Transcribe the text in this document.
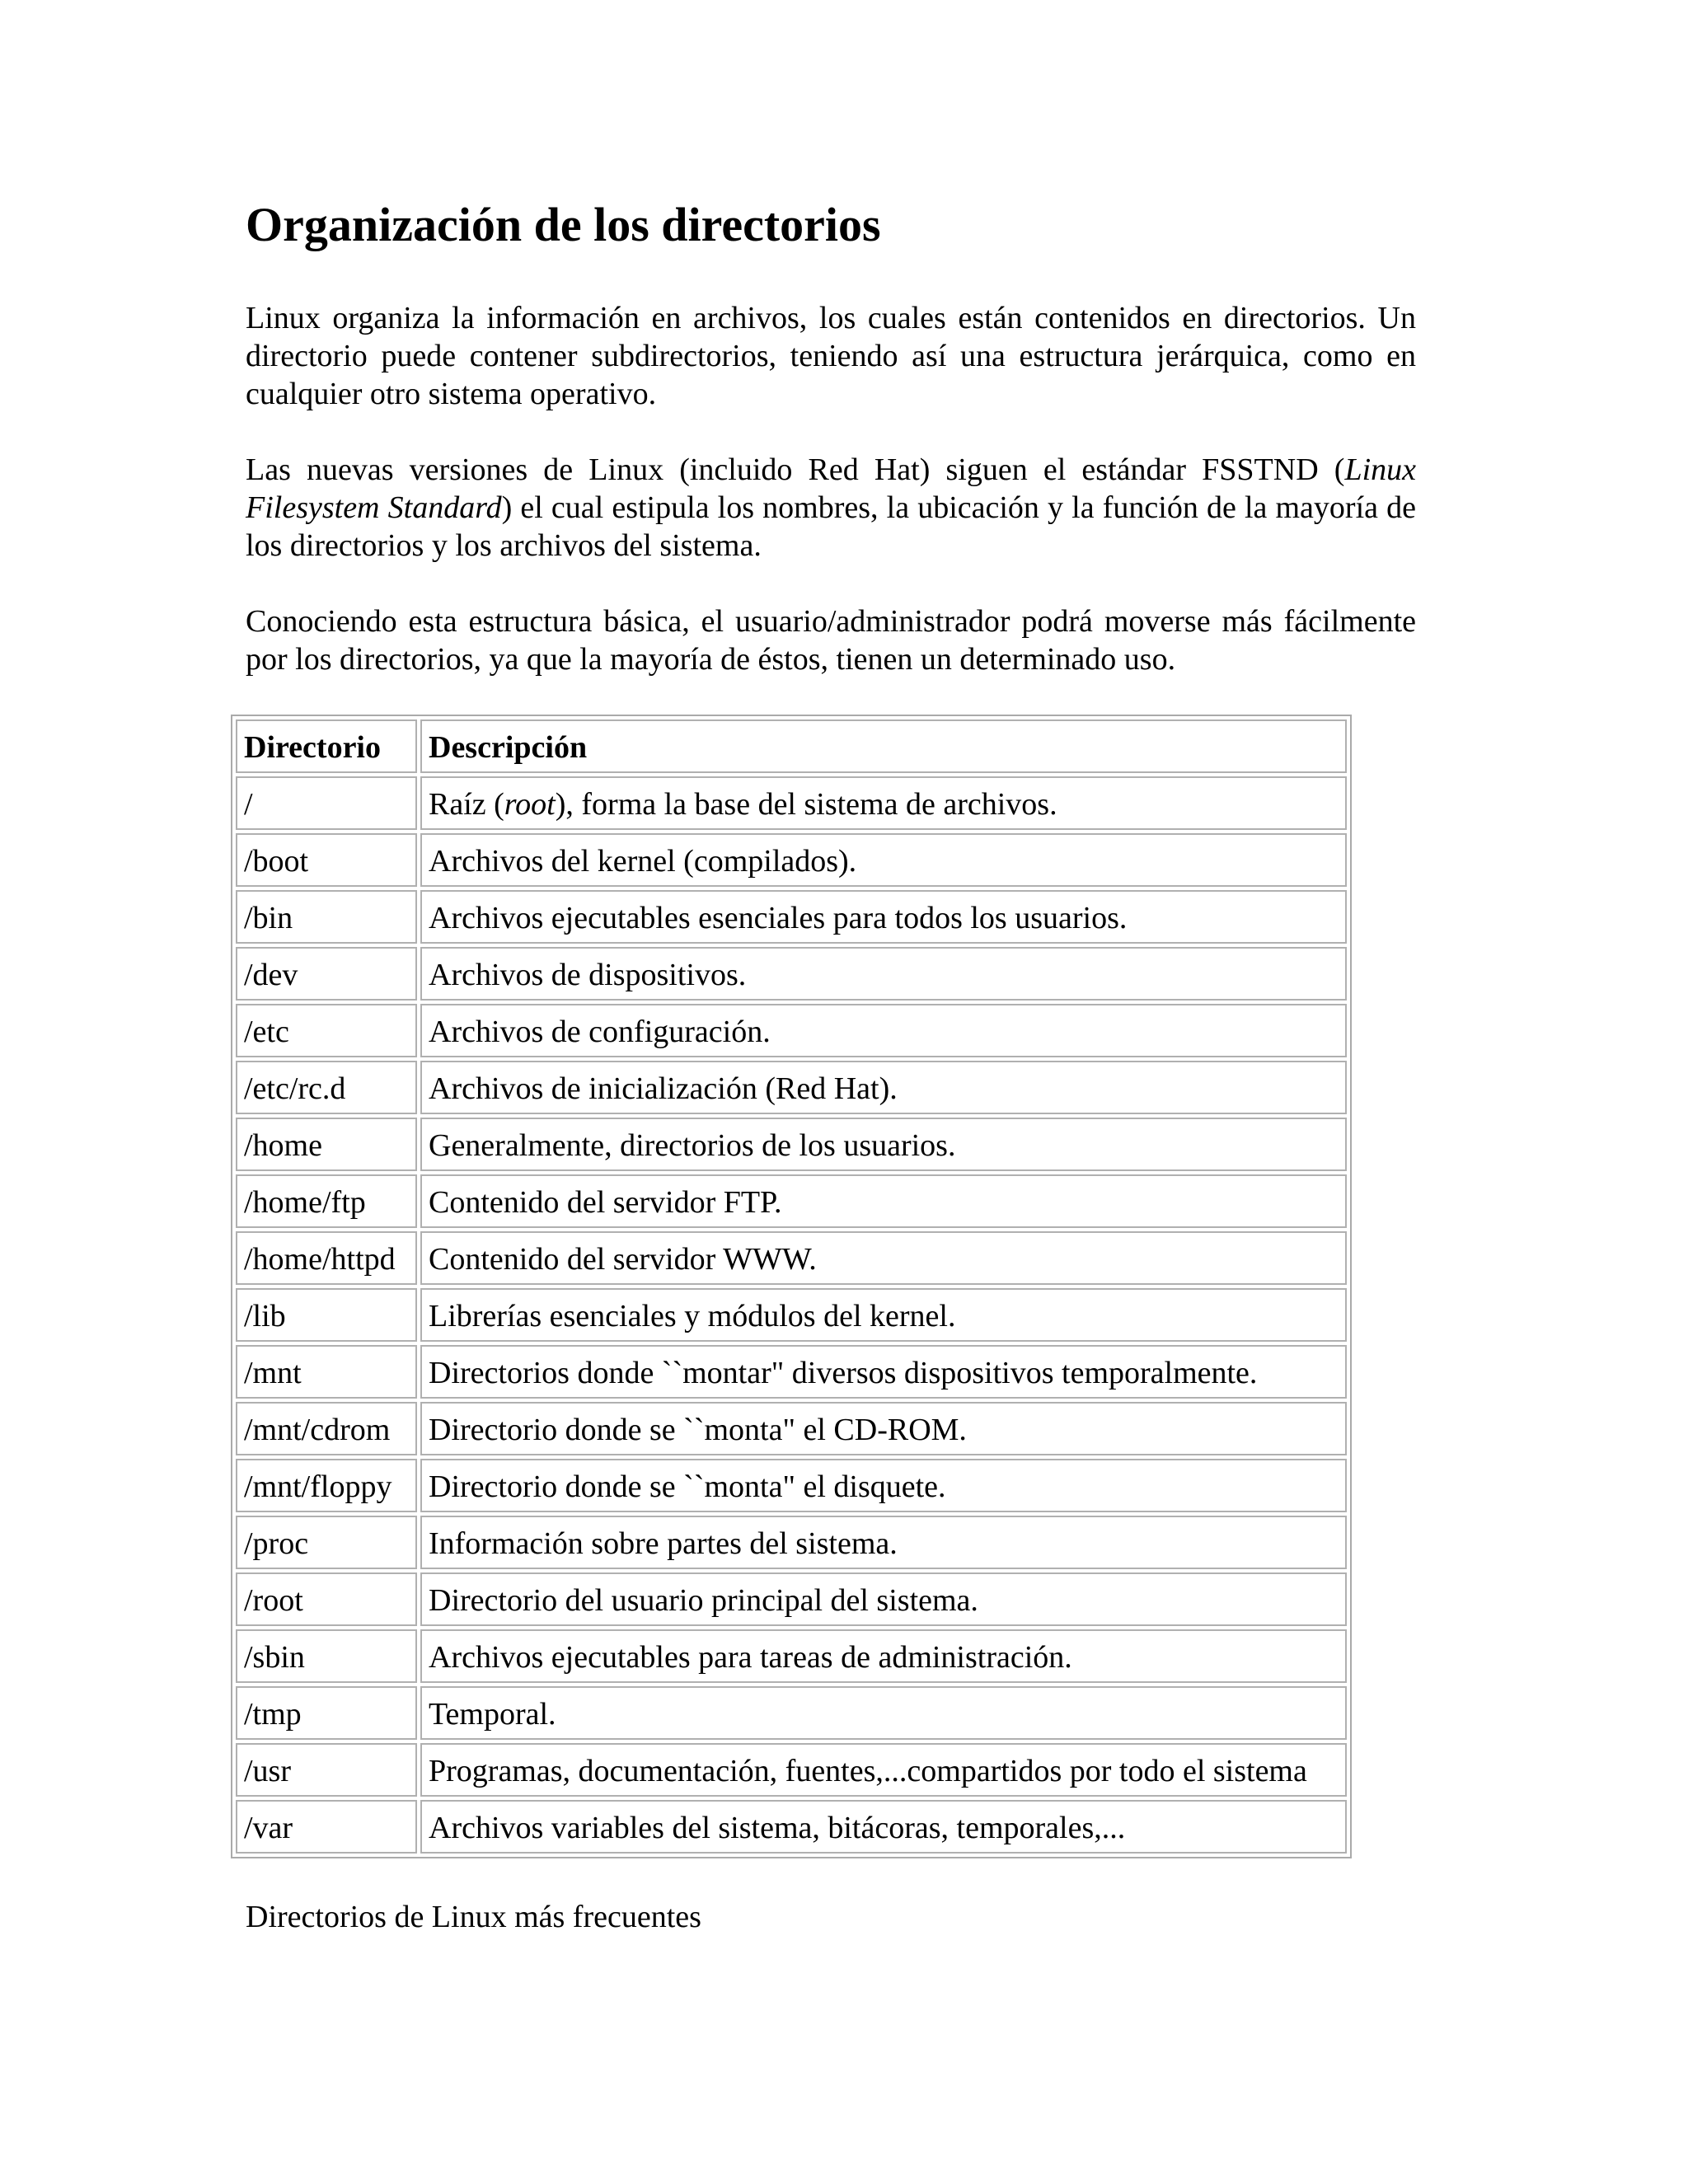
Organización de los directorios

Linux organiza la información en archivos, los cuales están contenidos en directorios. Un directorio puede contener subdirectorios, teniendo así una estructura jerárquica, como en cualquier otro sistema operativo.

Las nuevas versiones de Linux (incluido Red Hat) siguen el estándar FSSTND (Linux Filesystem Standard) el cual estipula los nombres, la ubicación y la función de la mayoría de los directorios y los archivos del sistema.

Conociendo esta estructura básica, el usuario/administrador podrá moverse más fácilmente por los directorios, ya que la mayoría de éstos, tienen un determinado uso.

Directorio	Descripción
/	Raíz (root), forma la base del sistema de archivos.
/boot	Archivos del kernel (compilados).
/bin	Archivos ejecutables esenciales para todos los usuarios.
/dev	Archivos de dispositivos.
/etc	Archivos de configuración.
/etc/rc.d	Archivos de inicialización (Red Hat).
/home	Generalmente, directorios de los usuarios.
/home/ftp	Contenido del servidor FTP.
/home/httpd	Contenido del servidor WWW.
/lib	Librerías esenciales y módulos del kernel.
/mnt	Directorios donde ``montar" diversos dispositivos temporalmente.
/mnt/cdrom	Directorio donde se ``monta" el CD-ROM.
/mnt/floppy	Directorio donde se ``monta" el disquete.
/proc	Información sobre partes del sistema.
/root	Directorio del usuario principal del sistema.
/sbin	Archivos ejecutables para tareas de administración.
/tmp	Temporal.
/usr	Programas, documentación, fuentes,...compartidos por todo el sistema
/var	Archivos variables del sistema, bitácoras, temporales,...
Directorios de Linux más frecuentes
